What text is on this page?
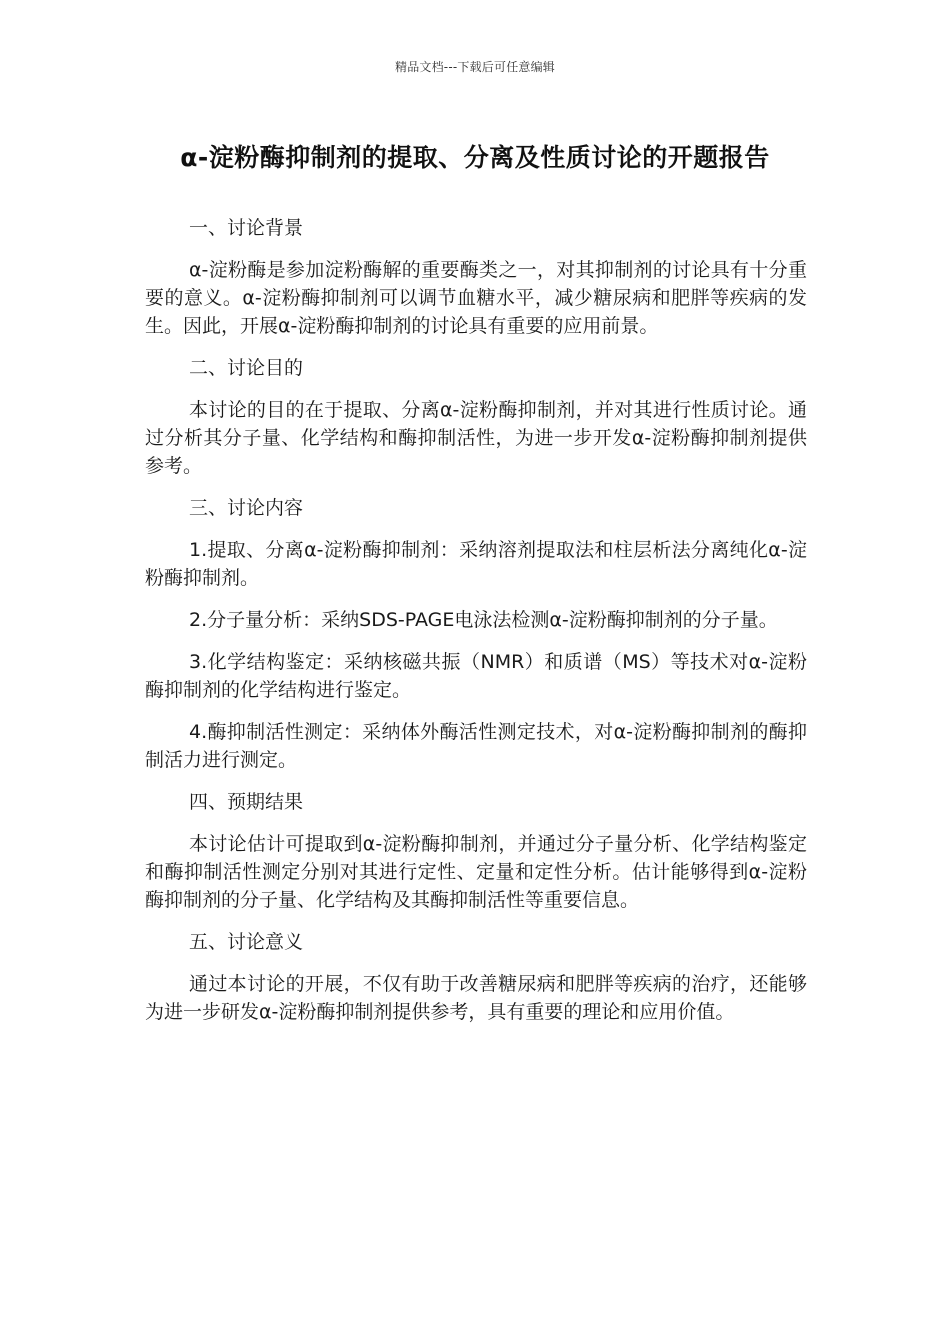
精品文档---下载后可任意编辑
α-淀粉酶抑制剂的提取、分离及性质讨论的开题报告

一、讨论背景

α-淀粉酶是参加淀粉酶解的重要酶类之一，对其抑制剂的讨论具有十分重要的意义。α-淀粉酶抑制剂可以调节血糖水平，减少糖尿病和肥胖等疾病的发生。因此，开展α-淀粉酶抑制剂的讨论具有重要的应用前景。

二、讨论目的

本讨论的目的在于提取、分离α-淀粉酶抑制剂，并对其进行性质讨论。通过分析其分子量、化学结构和酶抑制活性，为进一步开发α-淀粉酶抑制剂提供参考。

三、讨论内容

1.提取、分离α-淀粉酶抑制剂：采纳溶剂提取法和柱层析法分离纯化α-淀粉酶抑制剂。

2.分子量分析：采纳SDS-PAGE电泳法检测α-淀粉酶抑制剂的分子量。

3.化学结构鉴定：采纳核磁共振（NMR）和质谱（MS）等技术对α-淀粉酶抑制剂的化学结构进行鉴定。

4.酶抑制活性测定：采纳体外酶活性测定技术，对α-淀粉酶抑制剂的酶抑制活力进行测定。

四、预期结果

本讨论估计可提取到α-淀粉酶抑制剂，并通过分子量分析、化学结构鉴定和酶抑制活性测定分别对其进行定性、定量和定性分析。估计能够得到α-淀粉酶抑制剂的分子量、化学结构及其酶抑制活性等重要信息。

五、讨论意义

通过本讨论的开展，不仅有助于改善糖尿病和肥胖等疾病的治疗，还能够为进一步研发α-淀粉酶抑制剂提供参考，具有重要的理论和应用价值。
